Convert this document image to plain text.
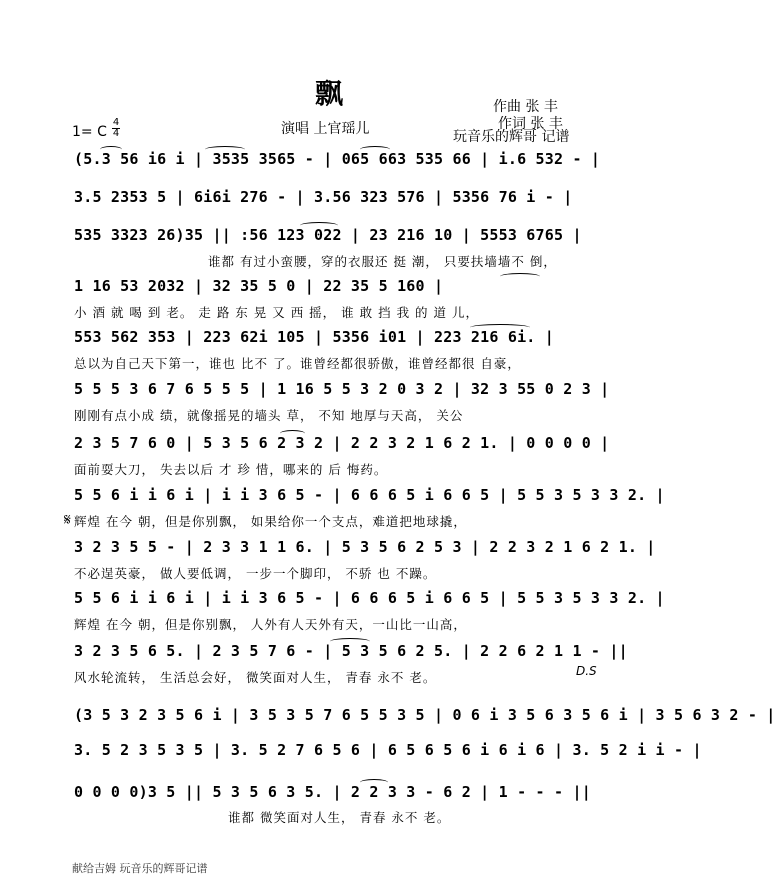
飘	作曲 张 丰
演唱 上官瑶儿	作词 张 丰
玩音乐的辉哥 记谱
1= C
4
4
(5.3 56 i6 i | 3535 3565 - | 065 663 535 66 | i.6 532 - |
3.5 2353 5 | 6i6i 276 - | 3.56 323 576 | 5356 76 i - |
535 3323 26)35 || :56 123 022 | 23 216 10 | 5553 6765 |
谁都 有过小蛮腰，穿的衣服还 挺 潮， 只要扶墙墙不 倒，
1 16 53 2032 | 32 35 5 0 | 22 35 5 160 |
小 酒 就 喝 到 老。 走 路 东 晃 又 西 摇， 谁 敢 挡 我 的 道 儿，
553 562 353 | 223 62i 105 | 5356 i01 | 223 216 6i. |
总以为自己天下第一，谁也 比不 了。谁曾经都很骄傲，谁曾经都很 自豪，
5 5 5 3 6 7 6 5 5 5 | 1 16 5 5 3 2 0 3 2 | 32 3 55 0 2 3 |
刚刚有点小成 绩，就像摇晃的墙头 草， 不知 地厚与天高， 关公
2 3 5 7 6 0 | 5 3 5 6 2 3 2 | 2 2 3 2 1 6 2 1. | 0 0 0 0 |
面前耍大刀， 失去以后 才 珍 惜，哪来的 后 悔药。
5 5 6 i i 6 i | i i 3 6 5 - | 6 6 6 5 i 6 6 5 | 5 5 3 5 3 3 2. |
𝄋 辉煌 在今 朝，但是你别飘， 如果给你一个支点，难道把地球撬，
3 2 3 5 5 - | 2 3 3 1 1 6. | 5 3 5 6 2 5 3 | 2 2 3 2 1 6 2 1. |
不必逞英豪， 做人要低调， 一步一个脚印， 不骄 也 不躁。
5 5 6 i i 6 i | i i 3 6 5 - | 6 6 6 5 i 6 6 5 | 5 5 3 5 3 3 2. |
辉煌 在今 朝，但是你别飘， 人外有人天外有天，一山比一山高，
3 2 3 5 6 5. | 2 3 5 7 6 - | 5 3 5 6 2 5. | 2 2 6 2 1 1 - ||
风水轮流转， 生活总会好， 微笑面对人生， 青春 永不 老。	D.S
(3 5 3 2 3 5 6 i | 3 5 3 5 7 6 5 5 3 5 | 0 6 i 3 5 6 3 5 6 i | 3 5 6 3 2 - |
3. 5 2 3 5 3 5 | 3. 5 2 7 6 5 6 | 6 5 6 5 6 i 6 i 6 | 3. 5 2 i i - |
0 0 0 0)3 5 || 5 3 5 6 3 5. | 2 2 3 3 - 6 2 | 1 - - - ||
谁都 微笑面对人生， 青春 永不 老。
献给吉姆 玩音乐的辉哥记谱
